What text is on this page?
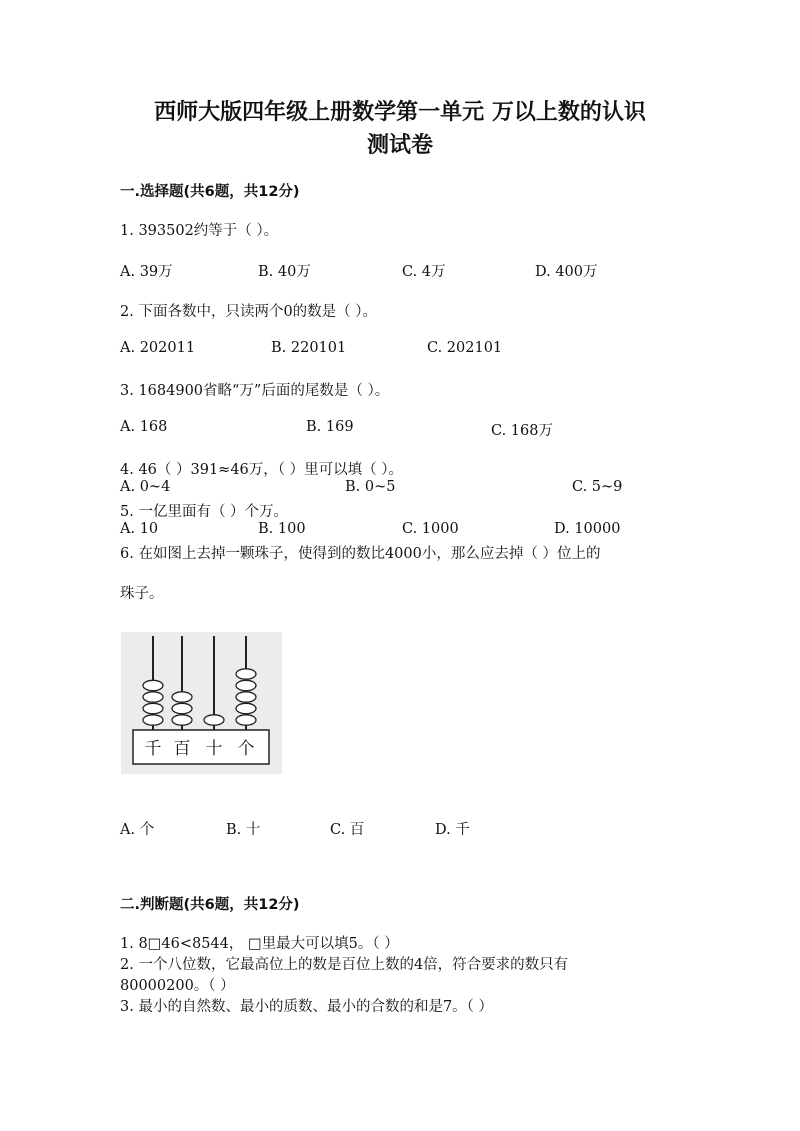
西师大版四年级上册数学第一单元 万以上数的认识
测试卷
一.选择题(共6题，共12分)
1. 393502约等于（ ）。
A. 39万	B. 40万	C. 4万	D. 400万
2. 下面各数中，只读两个0的数是（ ）。
A. 202011	B. 220101	C. 202101
3. 1684900省略“万”后面的尾数是（ ）。
A. 168	B. 169	C. 168万
4. 46（ ）391≈46万，（ ）里可以填（ ）。
A. 0~4	B. 0~5	C. 5~9
5. 一亿里面有（ ）个万。
A. 10	B. 100	C. 1000	D. 10000
6. 在如图上去掉一颗珠子，使得到的数比4000小，那么应去掉（ ）位上的
珠子。
千 百 十 个
A. 个	B. 十	C. 百	D. 千
二.判断题(共6题，共12分)
1. 8□46<8544， □里最大可以填5。（ ）
2. 一个八位数，它最高位上的数是百位上数的4倍，符合要求的数只有
80000200。（ ）
3. 最小的自然数、最小的质数、最小的合数的和是7。（ ）
